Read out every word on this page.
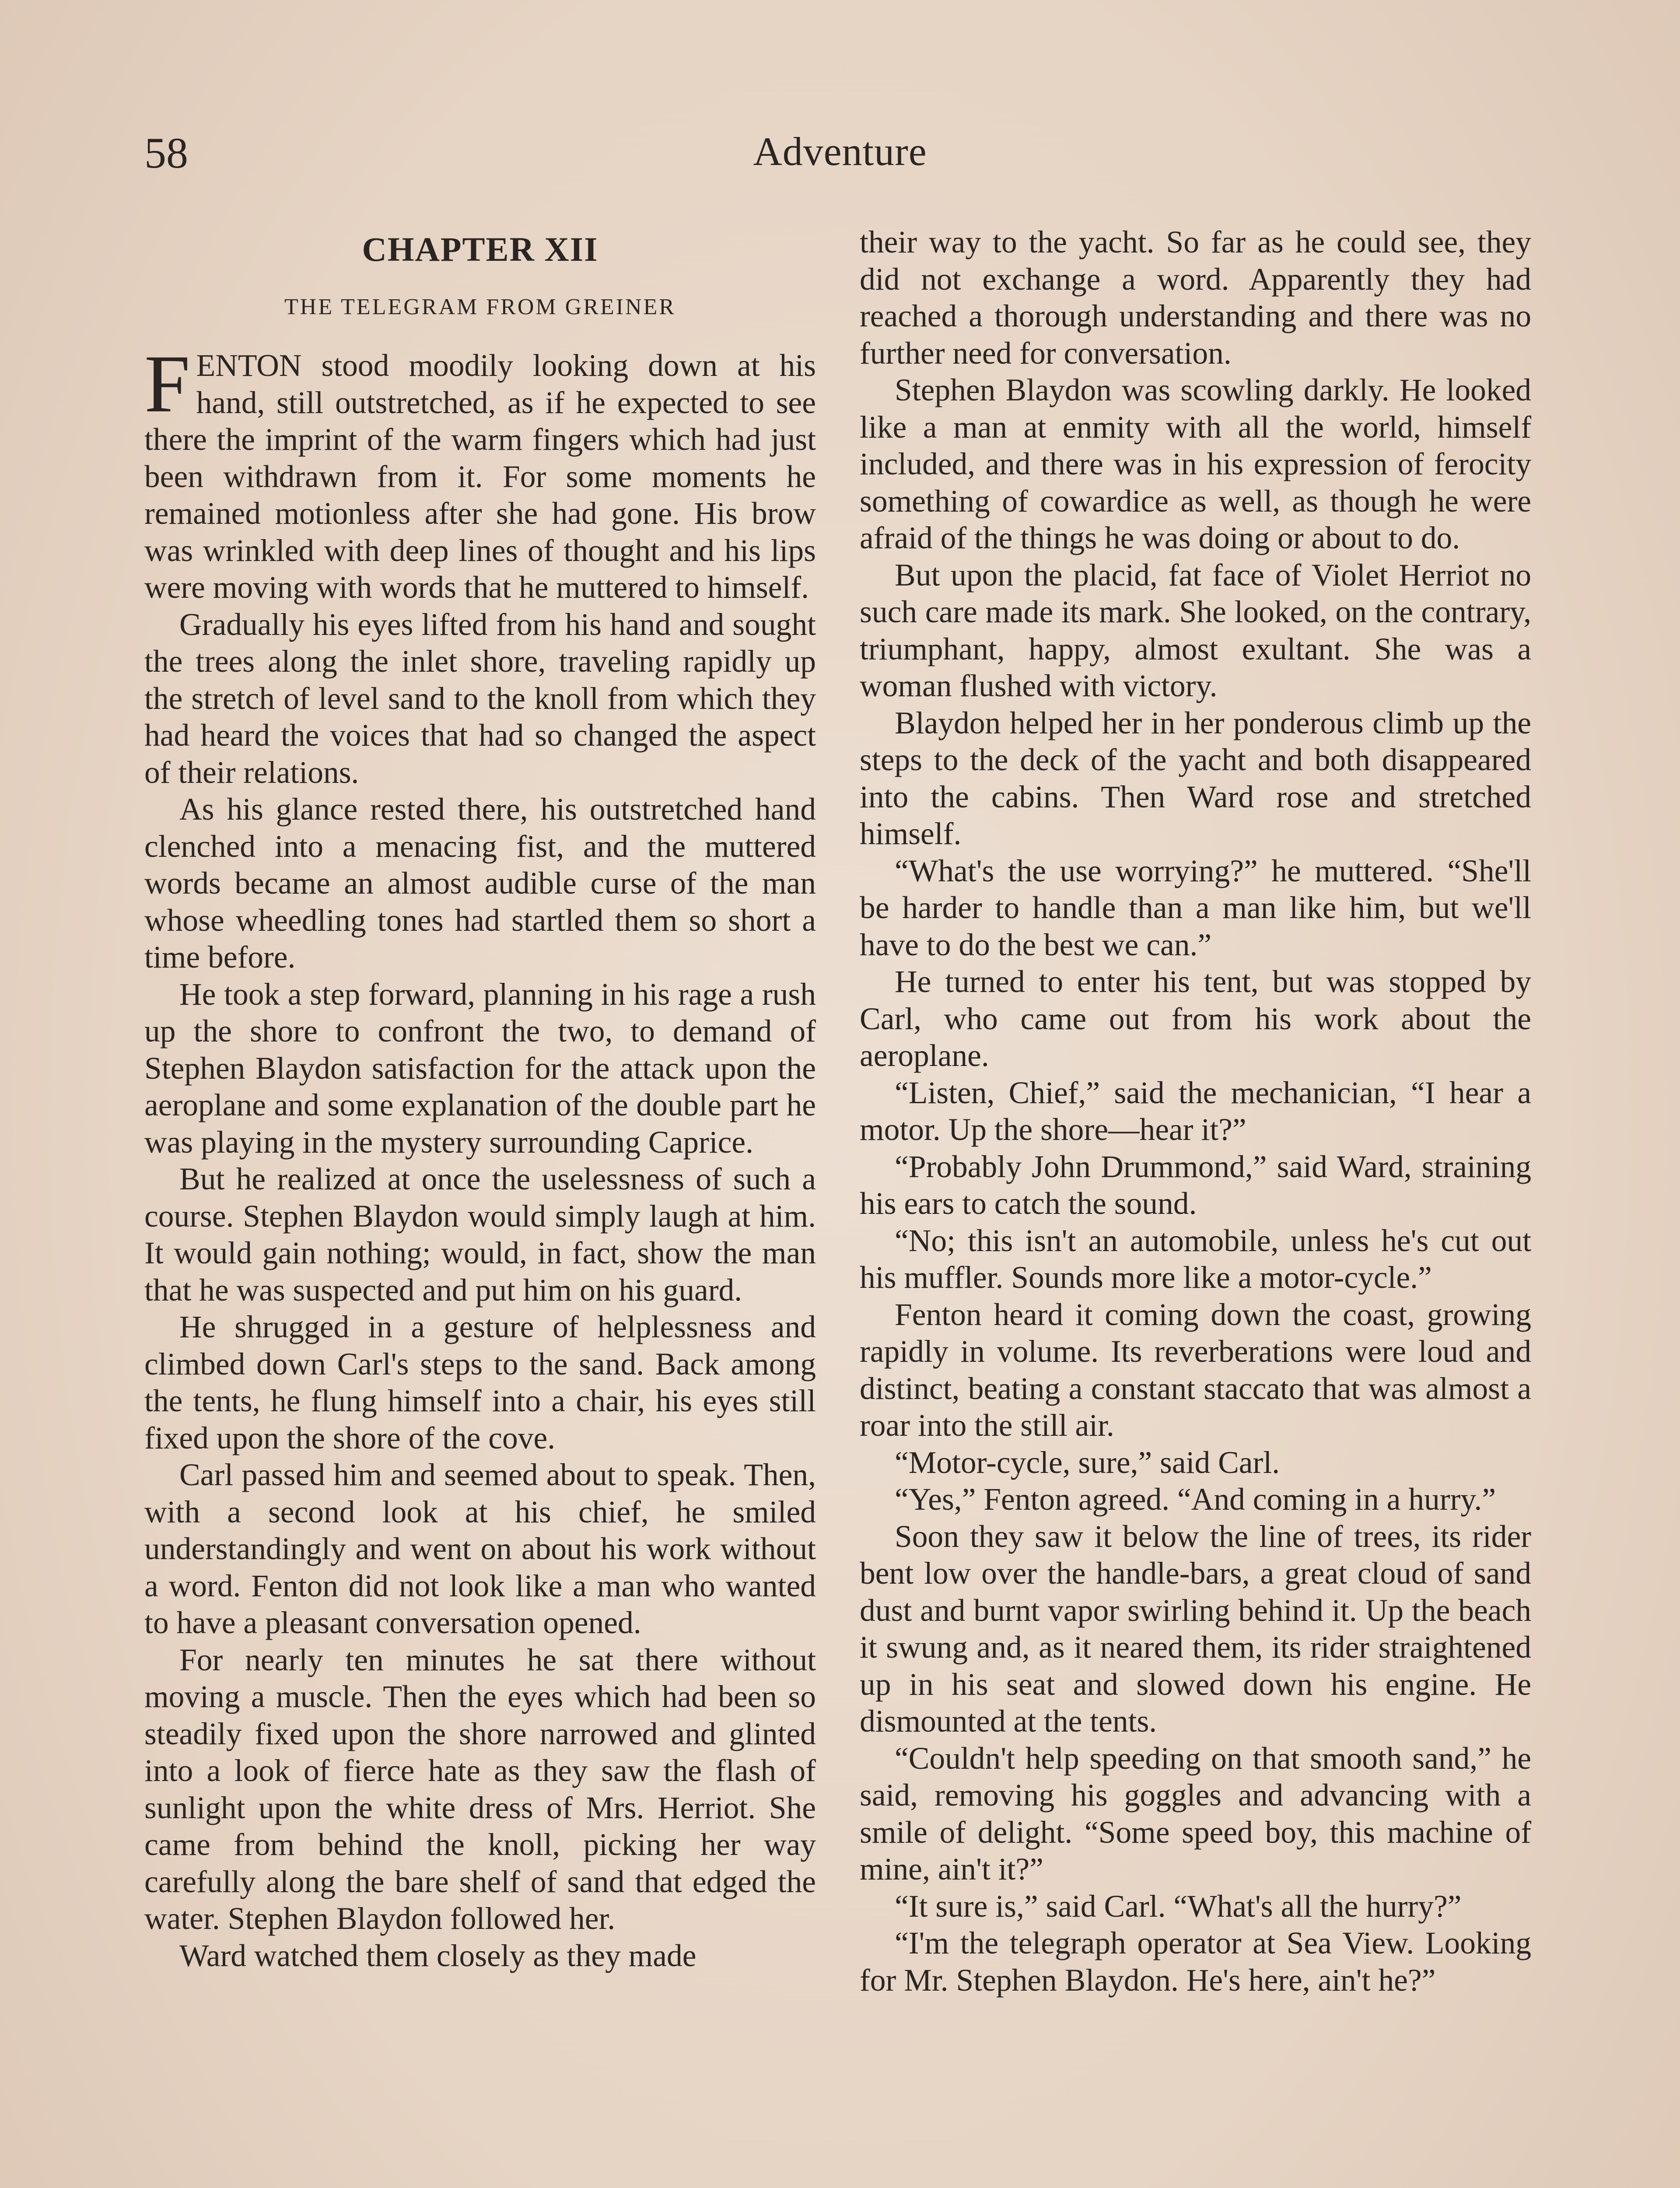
58	Adventure
CHAPTER XII
THE TELEGRAM FROM GREINER

FENTON stood moodily looking down at his hand, still outstretched, as if he expected to see there the imprint of the warm fingers which had just been withdrawn from it. For some moments he remained motionless after she had gone. His brow was wrinkled with deep lines of thought and his lips were moving with words that he muttered to himself.

Gradually his eyes lifted from his hand and sought the trees along the inlet shore, traveling rapidly up the stretch of level sand to the knoll from which they had heard the voices that had so changed the aspect of their relations.

As his glance rested there, his outstretched hand clenched into a menacing fist, and the muttered words became an almost audible curse of the man whose wheedling tones had startled them so short a time before.

He took a step forward, planning in his rage a rush up the shore to confront the two, to demand of Stephen Blaydon satisfaction for the attack upon the aeroplane and some explanation of the double part he was playing in the mystery surrounding Caprice.

But he realized at once the uselessness of such a course. Stephen Blaydon would simply laugh at him. It would gain nothing; would, in fact, show the man that he was suspected and put him on his guard.

He shrugged in a gesture of helplessness and climbed down Carl's steps to the sand. Back among the tents, he flung himself into a chair, his eyes still fixed upon the shore of the cove.

Carl passed him and seemed about to speak. Then, with a second look at his chief, he smiled understandingly and went on about his work without a word. Fenton did not look like a man who wanted to have a pleasant conversation opened.

For nearly ten minutes he sat there without moving a muscle. Then the eyes which had been so steadily fixed upon the shore narrowed and glinted into a look of fierce hate as they saw the flash of sunlight upon the white dress of Mrs. Herriot. She came from behind the knoll, picking her way carefully along the bare shelf of sand that edged the water. Stephen Blaydon followed her.

Ward watched them closely as they made

their way to the yacht. So far as he could see, they did not exchange a word. Apparently they had reached a thorough understanding and there was no further need for conversation.

Stephen Blaydon was scowling darkly. He looked like a man at enmity with all the world, himself included, and there was in his expression of ferocity something of cowardice as well, as though he were afraid of the things he was doing or about to do.

But upon the placid, fat face of Violet Herriot no such care made its mark. She looked, on the contrary, triumphant, happy, almost exultant. She was a woman flushed with victory.

Blaydon helped her in her ponderous climb up the steps to the deck of the yacht and both disappeared into the cabins. Then Ward rose and stretched himself.

“What's the use worrying?” he muttered. “She'll be harder to handle than a man like him, but we'll have to do the best we can.”

He turned to enter his tent, but was stopped by Carl, who came out from his work about the aeroplane.

“Listen, Chief,” said the mechanician, “I hear a motor. Up the shore—hear it?”

“Probably John Drummond,” said Ward, straining his ears to catch the sound.

“No; this isn't an automobile, unless he's cut out his muffler. Sounds more like a motor-cycle.”

Fenton heard it coming down the coast, growing rapidly in volume. Its reverberations were loud and distinct, beating a constant staccato that was almost a roar into the still air.

“Motor-cycle, sure,” said Carl.

“Yes,” Fenton agreed. “And coming in a hurry.”

Soon they saw it below the line of trees, its rider bent low over the handle-bars, a great cloud of sand dust and burnt vapor swirling behind it. Up the beach it swung and, as it neared them, its rider straightened up in his seat and slowed down his engine. He dismounted at the tents.

“Couldn't help speeding on that smooth sand,” he said, removing his goggles and advancing with a smile of delight. “Some speed boy, this machine of mine, ain't it?”

“It sure is,” said Carl. “What's all the hurry?”

“I'm the telegraph operator at Sea View. Looking for Mr. Stephen Blaydon. He's here, ain't he?”
